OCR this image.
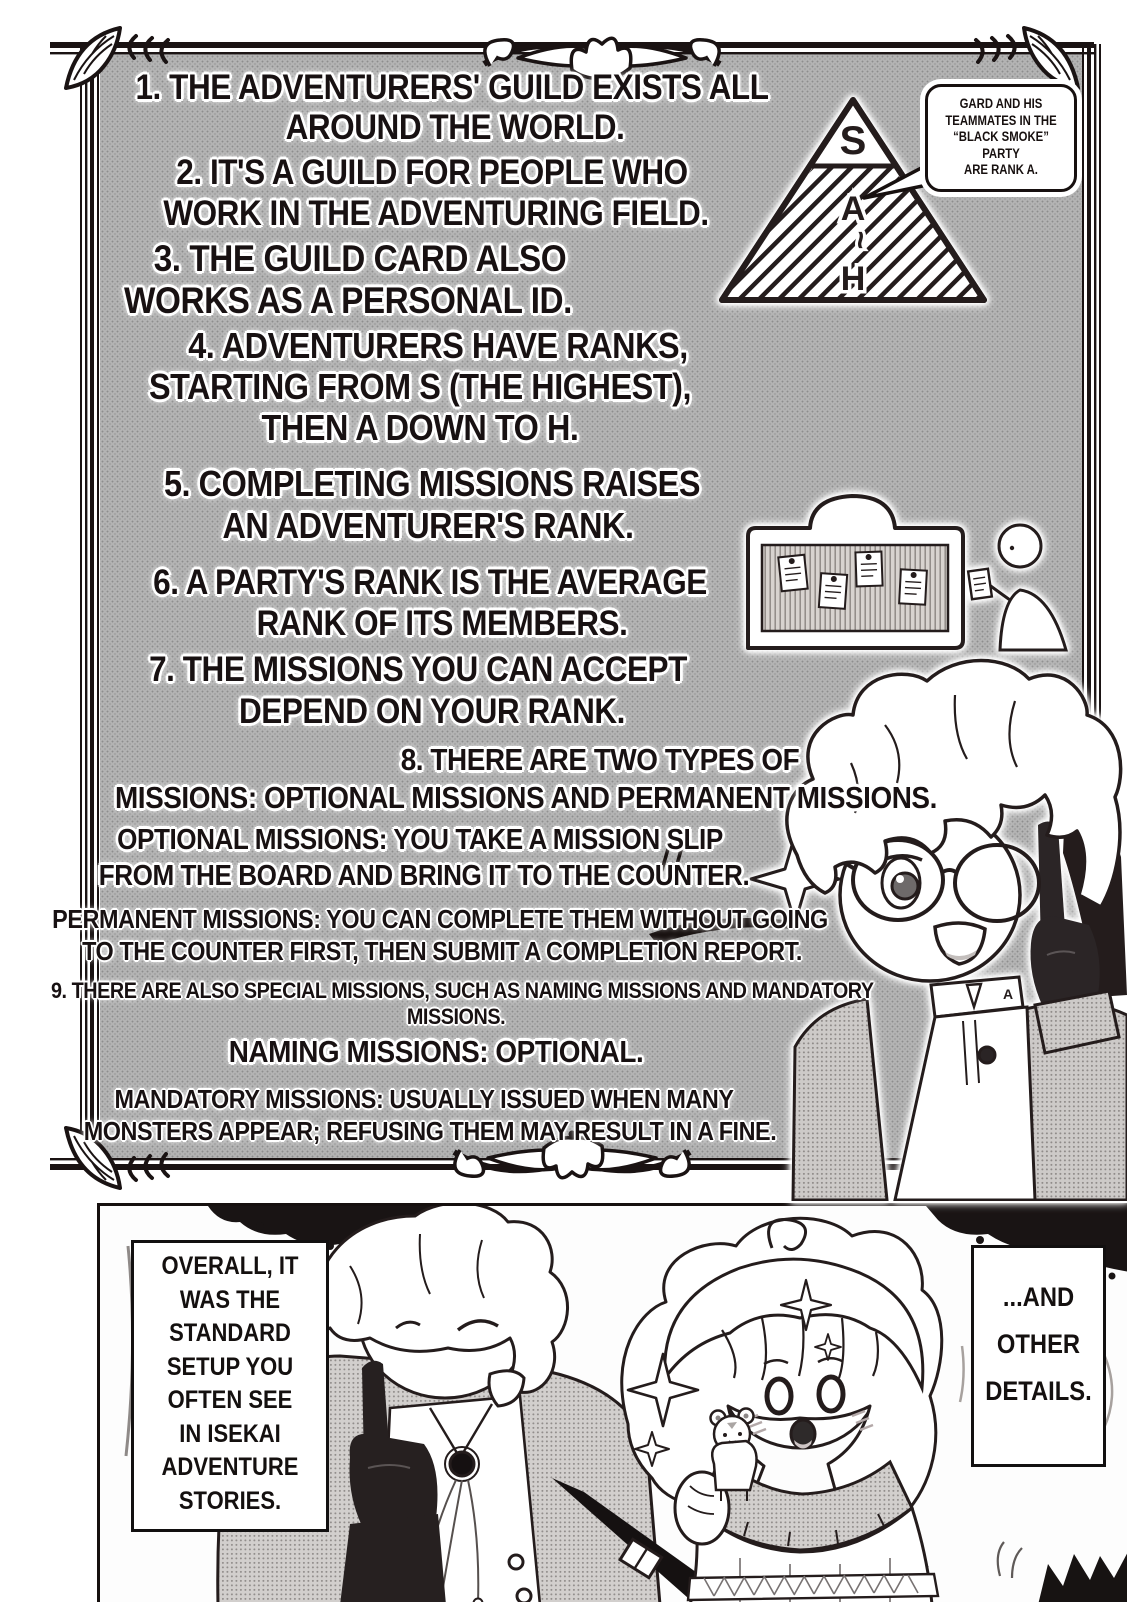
S
A
~
H

GARD AND HIS

TEAMMATES IN THE

“BLACK SMOKE” PARTY

ARE RANK A.

A

1. THE ADVENTURERS' GUILD EXISTS ALL

AROUND THE WORLD.

2. IT'S A GUILD FOR PEOPLE WHO

WORK IN THE ADVENTURING FIELD.

3. THE GUILD CARD ALSO

WORKS AS A PERSONAL ID.

4. ADVENTURERS HAVE RANKS,

STARTING FROM S (THE HIGHEST),

THEN A DOWN TO H.

5. COMPLETING MISSIONS RAISES

AN ADVENTURER'S RANK.

6. A PARTY'S RANK IS THE AVERAGE

RANK OF ITS MEMBERS.

7. THE MISSIONS YOU CAN ACCEPT

DEPEND ON YOUR RANK.

8. THERE ARE TWO TYPES OF

MISSIONS: OPTIONAL MISSIONS AND PERMANENT MISSIONS.

OPTIONAL MISSIONS: YOU TAKE A MISSION SLIP

FROM THE BOARD AND BRING IT TO THE COUNTER.

PERMANENT MISSIONS: YOU CAN COMPLETE THEM WITHOUT GOING

TO THE COUNTER FIRST, THEN SUBMIT A COMPLETION REPORT.

9. THERE ARE ALSO SPECIAL MISSIONS, SUCH AS NAMING MISSIONS AND MANDATORY

MISSIONS.

NAMING MISSIONS: OPTIONAL.

MANDATORY MISSIONS: USUALLY ISSUED WHEN MANY

MONSTERS APPEAR; REFUSING THEM MAY RESULT IN A FINE.

OVERALL, IT

WAS THE

STANDARD

SETUP YOU

OFTEN SEE

IN ISEKAI

ADVENTURE

STORIES.

...AND

OTHER

DETAILS.
